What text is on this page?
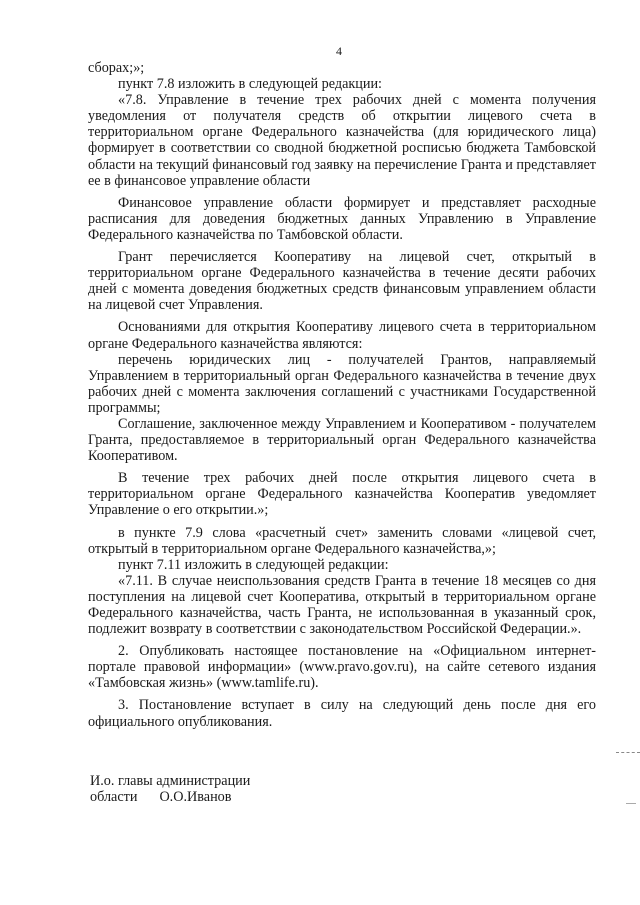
4

сборах;»;

пункт 7.8 изложить в следующей редакции:

«7.8. Управление в течение трех рабочих дней с момента получения уведомления от получателя средств об открытии лицевого счета в территориальном органе Федерального казначейства (для юридического лица) формирует в соответствии со сводной бюджетной росписью бюджета Тамбовской области на текущий финансовый год заявку на перечисление Гранта и представляет ее в финансовое управление области

Финансовое управление области формирует и представляет расходные расписания для доведения бюджетных данных Управлению в Управление Федерального казначейства по Тамбовской области.

Грант перечисляется Кооперативу на лицевой счет, открытый в территориальном органе Федерального казначейства в течение десяти рабочих дней с момента доведения бюджетных средств финансовым управлением области на лицевой счет Управления.

Основаниями для открытия Кооперативу лицевого счета в территориальном органе Федерального казначейства являются:

перечень юридических лиц - получателей Грантов, направляемый Управлением в территориальный орган Федерального казначейства в течение двух рабочих дней с момента заключения соглашений с участниками Государственной программы;

Соглашение, заключенное между Управлением и Кооперативом - получателем Гранта, предоставляемое в территориальный орган Федерального казначейства Кооперативом.

В течение трех рабочих дней после открытия лицевого счета в территориальном органе Федерального казначейства Кооператив уведомляет Управление о его открытии.»;

в пункте 7.9 слова «расчетный счет» заменить словами «лицевой счет, открытый в территориальном органе Федерального казначейства,»;

пункт 7.11 изложить в следующей редакции:

«7.11. В случае неиспользования средств Гранта в течение 18 месяцев со дня поступления на лицевой счет Кооператива, открытый в территориальном органе Федерального казначейства, часть Гранта, не использованная в указанный срок, подлежит возврату в соответствии с законодательством Российской Федерации.».

2. Опубликовать настоящее постановление на «Официальном интернет-портале правовой информации» (www.pravo.gov.ru), на сайте сетевого издания «Тамбовская жизнь» (www.tamlife.ru).

3. Постановление вступает в силу на следующий день после дня его официального опубликования.

И.о. главы администрации
области О.О.Иванов
